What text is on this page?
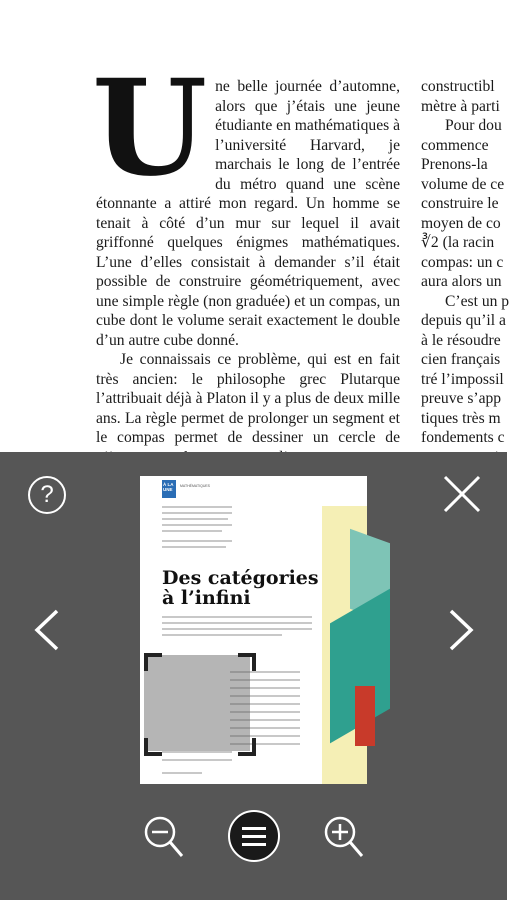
Une belle journée d’automne, alors que j’étais une jeune étudiante en mathématiques à l’université Harvard, je marchais le long de l’entrée du métro quand une scène étonnante a attiré mon regard. Un homme se tenait à côté d’un mur sur lequel il avait griffonné quelques énigmes mathématiques. L’une d’elles consistait à demander s’il était possible de construire géométriquement, avec une simple règle (non graduée) et un compas, un cube dont le volume serait exactement le double d’un autre cube donné.

Je connaissais ce problème, qui est en fait très ancien: le philosophe grec Plutarque l’attribuait déjà à Platon il y a plus de deux mille ans. La règle permet de prolonger un segment et le compas permet de dessiner un cercle de

constructibl
mètre à parti
Pour dou
commence
Prenons-la
volume de ce
construire le
moyen de co
∛2 (la racin
compas: un c
aura alors un
C’est un p
depuis qu’il a
à le résoudre
cien français
tré l’impossil
preuve s’app
tiques très m
fondements c
?	À LA UNE
MATHÉMATIQUES
Des catégories à l’infini
